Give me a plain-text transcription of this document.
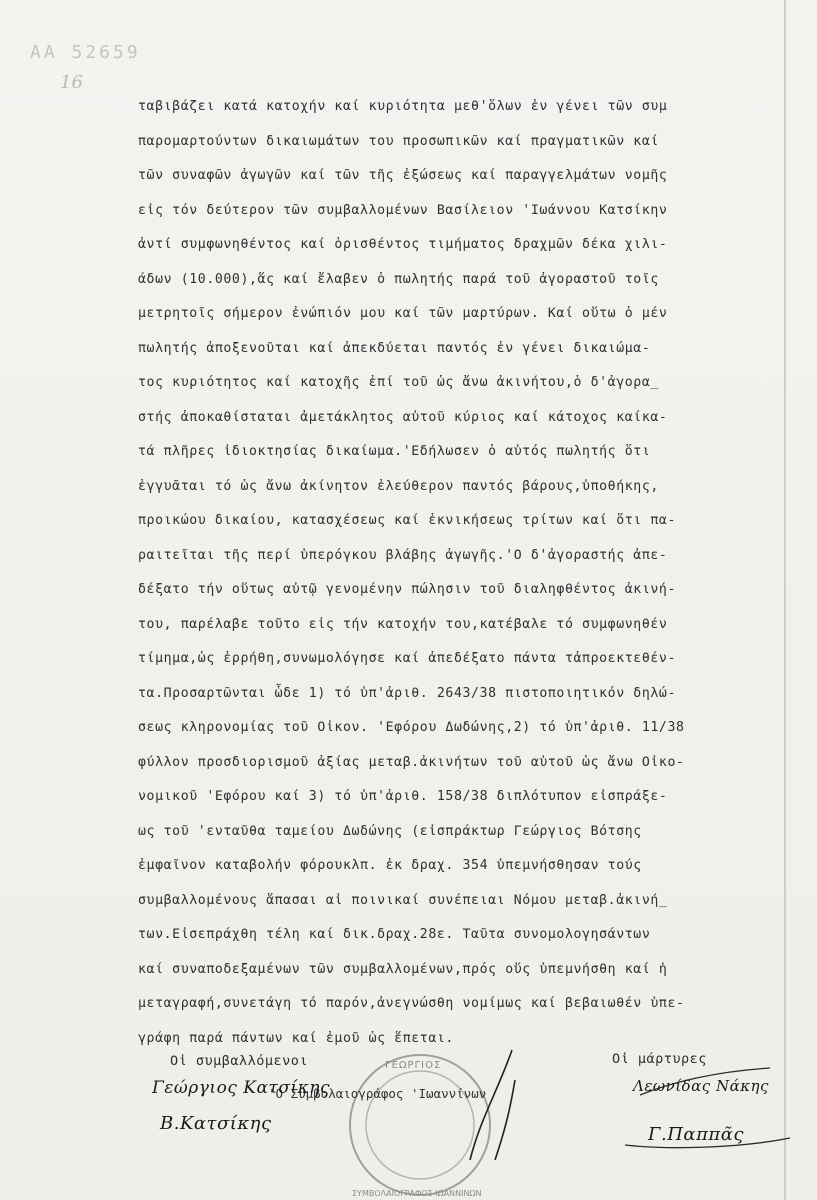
ΑΑ 52659
16
ταβιβάζει κατά κατοχήν καί κυριότητα μεθ'ὅλων ἐν γένει τῶν συμ
παρομαρτούντων δικαιωμάτων του προσωπικῶν καί πραγματικῶν καί
τῶν συναφῶν ἀγωγῶν καί τῶν τῆς ἐξώσεως καί παραγγελμάτων νομῆς
εἰς τόν δεύτερον τῶν συμβαλλομένων Βασίλειον 'Ιωάννου Κατσίκην
ἀντί συμφωνηθέντος καί ὁρισθέντος τιμήματος δραχμῶν δέκα χιλι-
άδων (10.000),ἅς καί ἔλαβεν ὁ πωλητής παρά τοῦ ἀγοραστοῦ τοῖς
μετρητοῖς σήμερον ἐνώπιόν μου καί τῶν μαρτύρων. Καί οὕτω ὁ μέν
πωλητής ἀποξενοῦται καί ἀπεκδύεται παντός ἐν γένει δικαιώμα-
τος κυριότητος καί κατοχῆς ἐπί τοῦ ὡς ἄνω ἀκινήτου,ὁ δ'ἀγορα_
στής ἀποκαθίσταται ἀμετάκλητος αὐτοῦ κύριος καί κάτοχος καίκα-
τά πλῆρες ἰδιοκτησίας δικαίωμα.'Εδήλωσεν ὁ αὐτός πωλητής ὅτι
ἐγγυᾶται τό ὡς ἄνω ἀκίνητον ἐλεύθερον παντός βάρους,ὑποθήκης,
προικώου δικαίου, κατασχέσεως καί ἐκνικήσεως τρίτων καί ὅτι πα-
ραιτεῖται τῆς περί ὑπερόγκου βλάβης ἀγωγῆς.'Ο δ'ἀγοραστής ἀπε-
δέξατο τήν οὕτως αὐτῷ γενομένην πώλησιν τοῦ διαληφθέντος ἀκινή-
του, παρέλαβε τοῦτο εἰς τήν κατοχήν του,κατέβαλε τό συμφωνηθέν
τίμημα,ὡς ἐρρήθη,συνωμολόγησε καί ἀπεδέξατο πάντα τἀπροεκτεθέν-
τα.Προσαρτῶνται ὧδε 1) τό ὑπ'ἀριθ. 2643/38 πιστοποιητικόν δηλώ-
σεως κληρονομίας τοῦ Οἰκον. 'Εφόρου Δωδώνης,2) τό ὑπ'ἀριθ. 11/38
φύλλον προσδιορισμοῦ ἀξίας μεταβ.ἀκινήτων τοῦ αὐτοῦ ὡς ἄνω Οἰκο-
νομικοῦ 'Εφόρου καί 3) τό ὑπ'ἀριθ. 158/38 διπλότυπον εἰσπράξε-
ως τοῦ 'ενταῦθα ταμείου Δωδώνης (εἰσπράκτωρ Γεώργιος Βότσης
ἐμφαῖνον καταβολήν φόρουκλπ. ἐκ δραχ. 354 ὑπεμνήσθησαν τούς
συμβαλλομένους ἅπασαι αἱ ποινικαί συνέπειαι Νόμου μεταβ.ἀκινή_
των.Εἰσεπράχθη τέλη καί δικ.δραχ.28ε. Ταῦτα συνομολογησάντων
καί συναποδεξαμένων τῶν συμβαλλομένων,πρός οὕς ὑπεμνήσθη καί ἡ
μεταγραφή,συνετάγη τό παρόν,ἀνεγνώσθη νομίμως καί βεβαιωθέν ὑπε-
γράφη παρά πάντων καί ἐμοῦ ὡς ἕπεται.
Οἱ συμβαλλόμενοι	Οἱ μάρτυρες
ΓΕΩΡΓΙΟΣ
ΣΥΜΒΟΛΑΙΟΓΡΑΦΟΣ ΙΩΑΝΝΙΝΩΝ
'Ο Συμβολαιογράφος 'Ιωαννίνων
Γεώργιος Κατσίκης
Β.Κατσίκης
Λεωνίδας Νάκης
Γ.Παππᾶς
